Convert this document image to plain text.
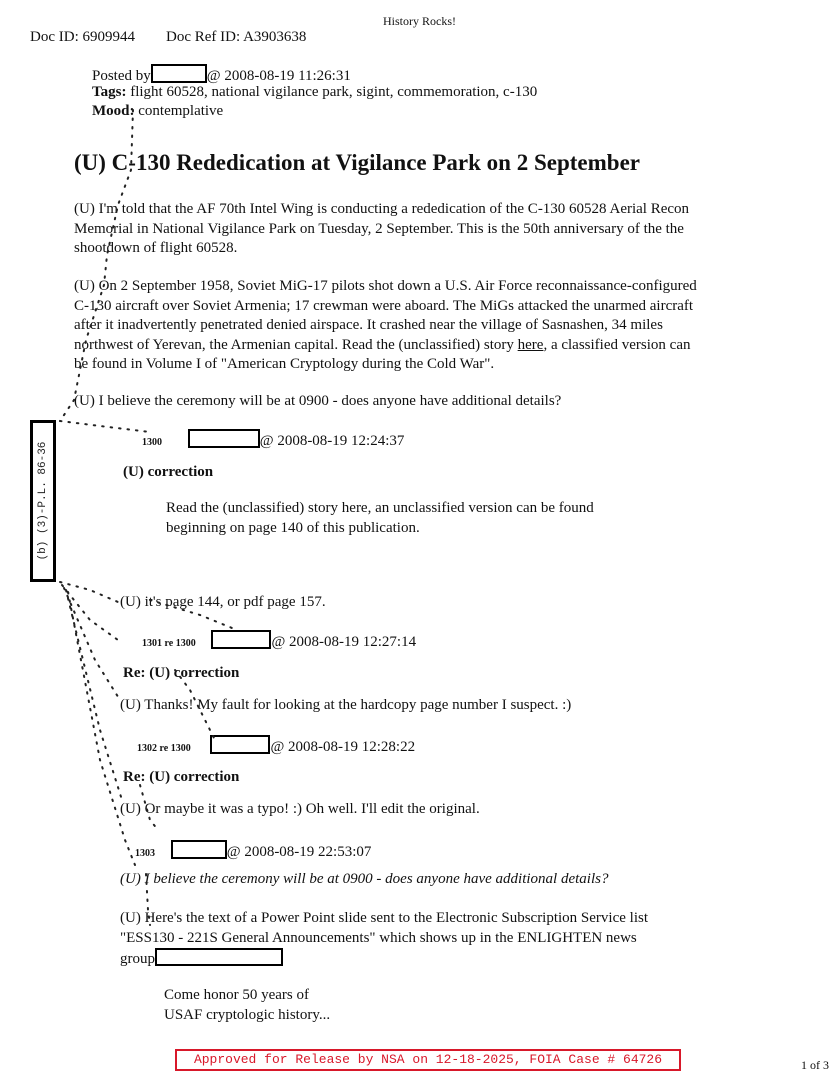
History Rocks!
Doc ID: 6909944 Doc Ref ID: A3903638
Posted by	@ 2008-08-19 11:26:31
Tags: flight 60528, national vigilance park, sigint, commemoration, c-130
Mood: contemplative
(U) C-130 Rededication at Vigilance Park on 2 September
(U) I'm told that the AF 70th Intel Wing is conducting a rededication of the C-130 60528 Aerial Recon
Memorial in National Vigilance Park on Tuesday, 2 September. This is the 50th anniversary of the the
shootdown of flight 60528.
(U) On 2 September 1958, Soviet MiG-17 pilots shot down a U.S. Air Force reconnaissance-configured
C-130 aircraft over Soviet Armenia; 17 crewman were aboard. The MiGs attacked the unarmed aircraft
after it inadvertently penetrated denied airspace. It crashed near the village of Sasnashen, 34 miles
northwest of Yerevan, the Armenian capital. Read the (unclassified) story here, a classified version can
be found in Volume I of "American Cryptology during the Cold War".
(U) I believe the ceremony will be at 0900 - does anyone have additional details?
(b) (3)-P.L. 86-36	1300	@ 2008-08-19 12:24:37
(U) correction
Read the (unclassified) story here, an unclassified version can be found
beginning on page 140 of this publication.
(U) it's page 144, or pdf page 157.
1301 re 1300	@ 2008-08-19 12:27:14
Re: (U) correction
(U) Thanks! My fault for looking at the hardcopy page number I suspect. :)
1302 re 1300	@ 2008-08-19 12:28:22
Re: (U) correction
(U) Or maybe it was a typo! :) Oh well. I'll edit the original.
1303	@ 2008-08-19 22:53:07
(U) I believe the ceremony will be at 0900 - does anyone have additional details?
(U) Here's the text of a Power Point slide sent to the Electronic Subscription Service list
"ESS130 - 221S General Announcements" which shows up in the ENLIGHTEN news
group
Come honor 50 years of
USAF cryptologic history...
Approved for Release by NSA on 12-18-2025, FOIA Case # 64726	1 of 3
